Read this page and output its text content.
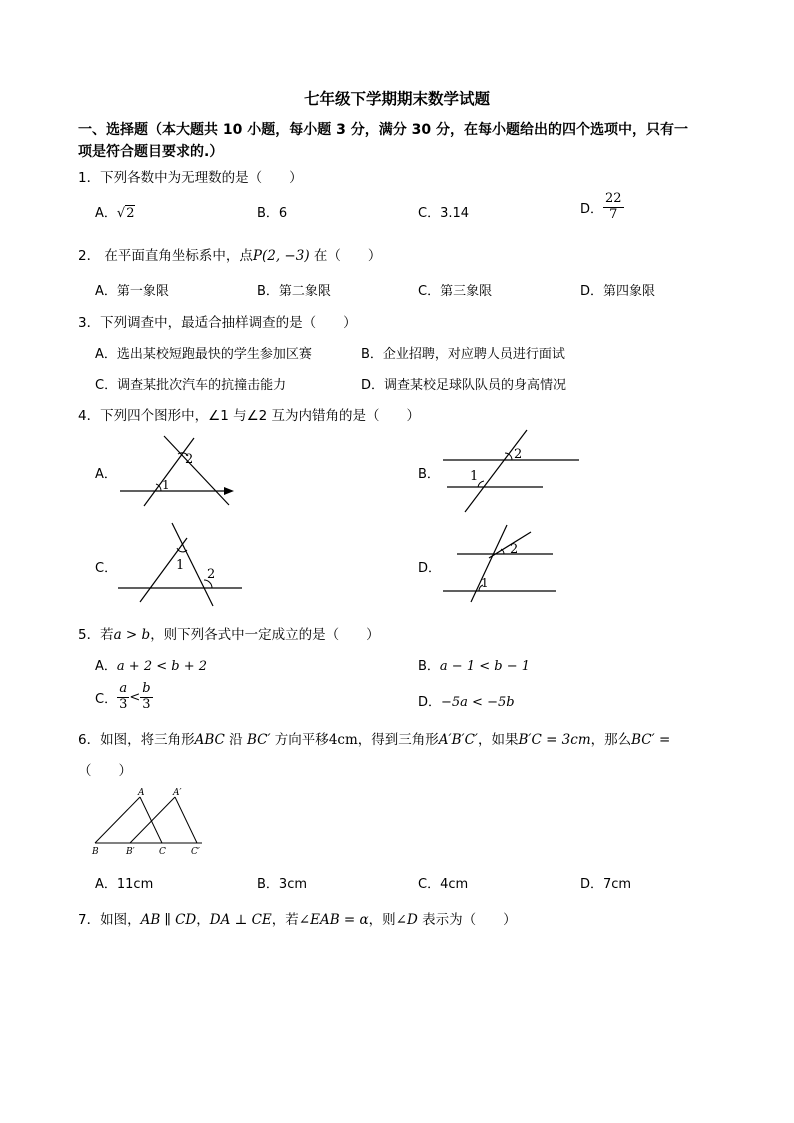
七年级下学期期末数学试题
一、选择题（本大题共 10 小题，每小题 3 分，满分 30 分，在每小题给出的四个选项中，只有一
项是符合题目要求的.）
1．下列各数中为无理数的是（　　）
A．√2	B．6	C．3.14	D． $\frac{22}{7}$
2． 在平面直角坐标系中，点P(2, −3) 在（　　）
A．第一象限	B．第二象限	C．第三象限	D．第四象限
3．下列调查中，最适合抽样调查的是（　　）
A．选出某校短跑最快的学生参加区赛	B．企业招聘，对应聘人员进行面试
C．调查某批次汽车的抗撞击能力	D．调查某校足球队队员的身高情况
4．下列四个图形中，∠1 与∠2 互为内错角的是（　　）
A．	B．
C．	D．
1
2	2
1
1
2
2
1
5．若a > b，则下列各式中一定成立的是（　　）
A．a + 2 < b + 2	B．a − 1 < b − 1
C． $\frac{a}{3} < \frac{b}{3}$	D．−5a < −5b
6．如图，将三角形ABC 沿 BC′ 方向平移4cm，得到三角形A′B′C′，如果B′C = 3cm，那么BC′ =
（　　）
A	A′
B	B′	C	C′
A．11cm	B．3cm	C．4cm	D．7cm
7．如图，AB ∥ CD，DA ⊥ CE，若∠EAB = α，则∠D 表示为（　　）
